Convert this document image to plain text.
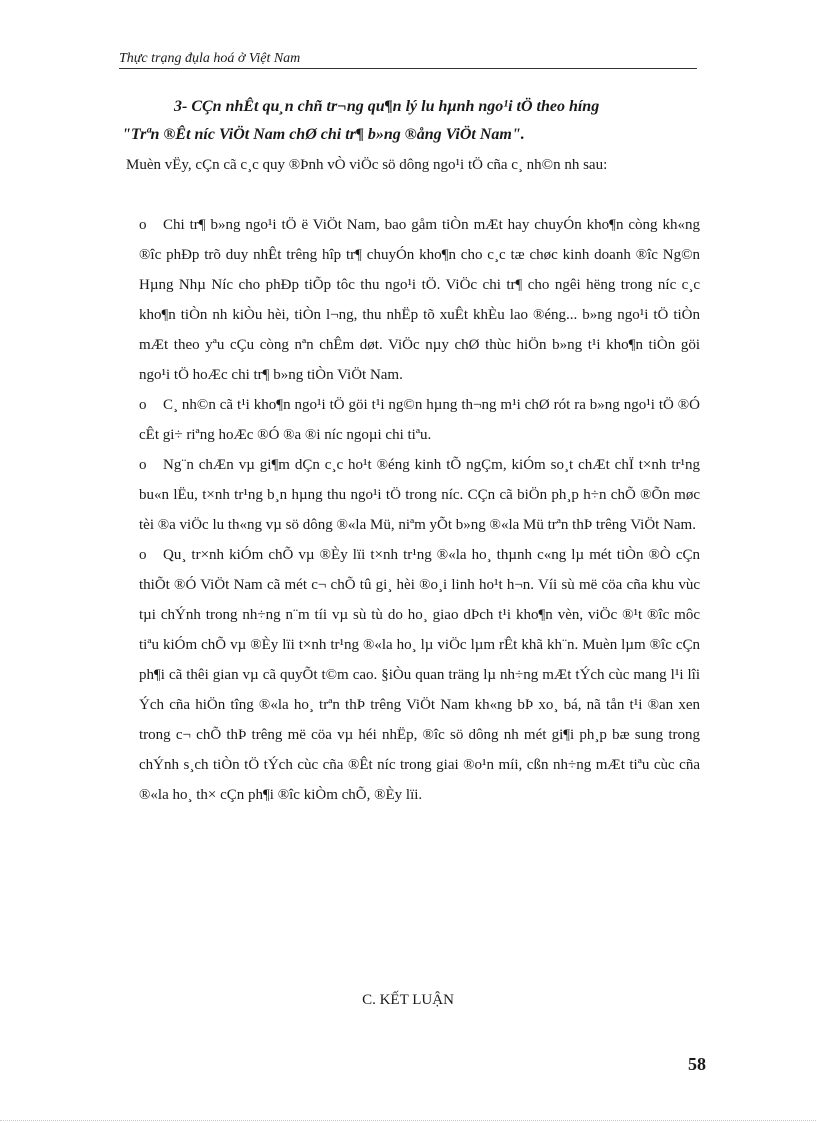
Thực trạng đụla hoá ở Việt Nam

3- CÇn nhÊt qu¸n chñ tr¬ng qu¶n lý lu hµnh ngo¹i tÖ theo híng
"Trªn ®Êt níc ViÖt Nam chØ chi tr¶ b»ng ®ång ViÖt Nam".

Muèn vËy, cÇn cã c¸c quy ®Þnh vÒ viÖc sö dông ngo¹i tÖ cña c¸ nh©n nh sau:

o Chi tr¶ b»ng ngo¹i tÖ ë ViÖt Nam, bao gåm tiÒn mÆt hay chuyÓn kho¶n còng kh«ng ®îc phÐp trõ duy nhÊt trêng hîp tr¶ chuyÓn kho¶n cho c¸c tæ chøc kinh doanh ®îc Ng©n Hµng Nhµ Níc cho phÐp tiÕp tôc thu ngo¹i tÖ. ViÖc chi tr¶ cho ngêi hëng trong níc c¸c kho¶n tiÒn nh kiÒu hèi, tiÒn l¬ng, thu nhËp tõ xuÊt khÈu lao ®éng... b»ng ngo¹i tÖ tiÒn mÆt theo yªu cÇu còng nªn chÊm døt. ViÖc nµy chØ thùc hiÖn b»ng t¹i kho¶n tiÒn göi ngo¹i tÖ hoÆc chi tr¶ b»ng tiÒn ViÖt Nam.

o C¸ nh©n cã t¹i kho¶n ngo¹i tÖ göi t¹i ng©n hµng th¬ng m¹i chØ rót ra b»ng ngo¹i tÖ ®Ó cÊt gi÷ riªng hoÆc ®Ó ®a ®i níc ngoµi chi tiªu.

o Ng¨n chÆn vµ gi¶m dÇn c¸c ho¹t ®éng kinh tÕ ngÇm, kiÓm so¸t chÆt chÏ t×nh tr¹ng bu«n lËu, t×nh tr¹ng b¸n hµng thu ngo¹i tÖ trong níc. CÇn cã biÖn ph¸p h÷n chÕ ®Õn møc tèi ®a viÖc lu th«ng vµ sö dông ®«la Mü, niªm yÕt b»ng ®«la Mü trªn thÞ trêng ViÖt Nam.

o Qu¸ tr×nh kiÓm chÕ vµ ®Èy lïi t×nh tr¹ng ®«la ho¸ thµnh c«ng lµ mét tiÒn ®Ò cÇn thiÕt ®Ó ViÖt Nam cã mét c¬ chÕ tû gi¸ hèi ®o¸i linh ho¹t h¬n. Víi sù më cöa cña khu vùc tµi chÝnh trong nh÷ng n¨m tíi vµ sù tù do ho¸ giao dÞch t¹i kho¶n vèn, viÖc ®¹t ®îc môc tiªu kiÓm chÕ vµ ®Èy lïi t×nh tr¹ng ®«la ho¸ lµ viÖc lµm rÊt khã kh¨n. Muèn lµm ®îc cÇn ph¶i cã thêi gian vµ cã quyÕt t©m cao. §iÒu quan träng lµ nh÷ng mÆt tÝch cùc mang l¹i lîi Ých cña hiÖn tîng ®«la ho¸ trªn thÞ trêng ViÖt Nam kh«ng bÞ xo¸ bá, nã tån t¹i ®an xen trong c¬ chÕ thÞ trêng më cöa vµ héi nhËp, ®îc sö dông nh mét gi¶i ph¸p bæ sung trong chÝnh s¸ch tiÒn tÖ tÝch cùc cña ®Êt níc trong giai ®o¹n míi, cßn nh÷ng mÆt tiªu cùc cña ®«la ho¸ th× cÇn ph¶i ®îc kiÒm chÕ, ®Èy lïi.

C. KẾT LUẬN
58
